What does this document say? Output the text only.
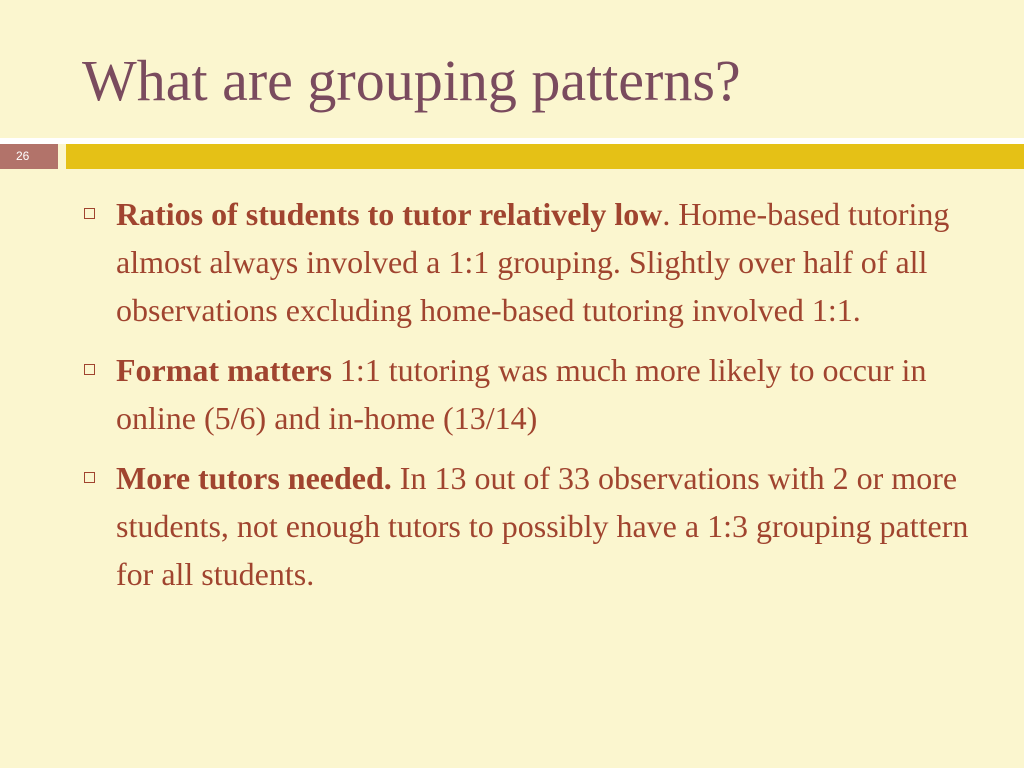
What are grouping patterns?
26
Ratios of students to tutor relatively low. Home-based tutoring almost always involved a 1:1 grouping. Slightly over half of all observations excluding home-based tutoring involved 1:1.
Format matters 1:1 tutoring was much more likely to occur in online (5/6) and in-home (13/14)
More tutors needed. In 13 out of 33 observations with 2 or more students, not enough tutors to possibly have a 1:3 grouping pattern for all students.
